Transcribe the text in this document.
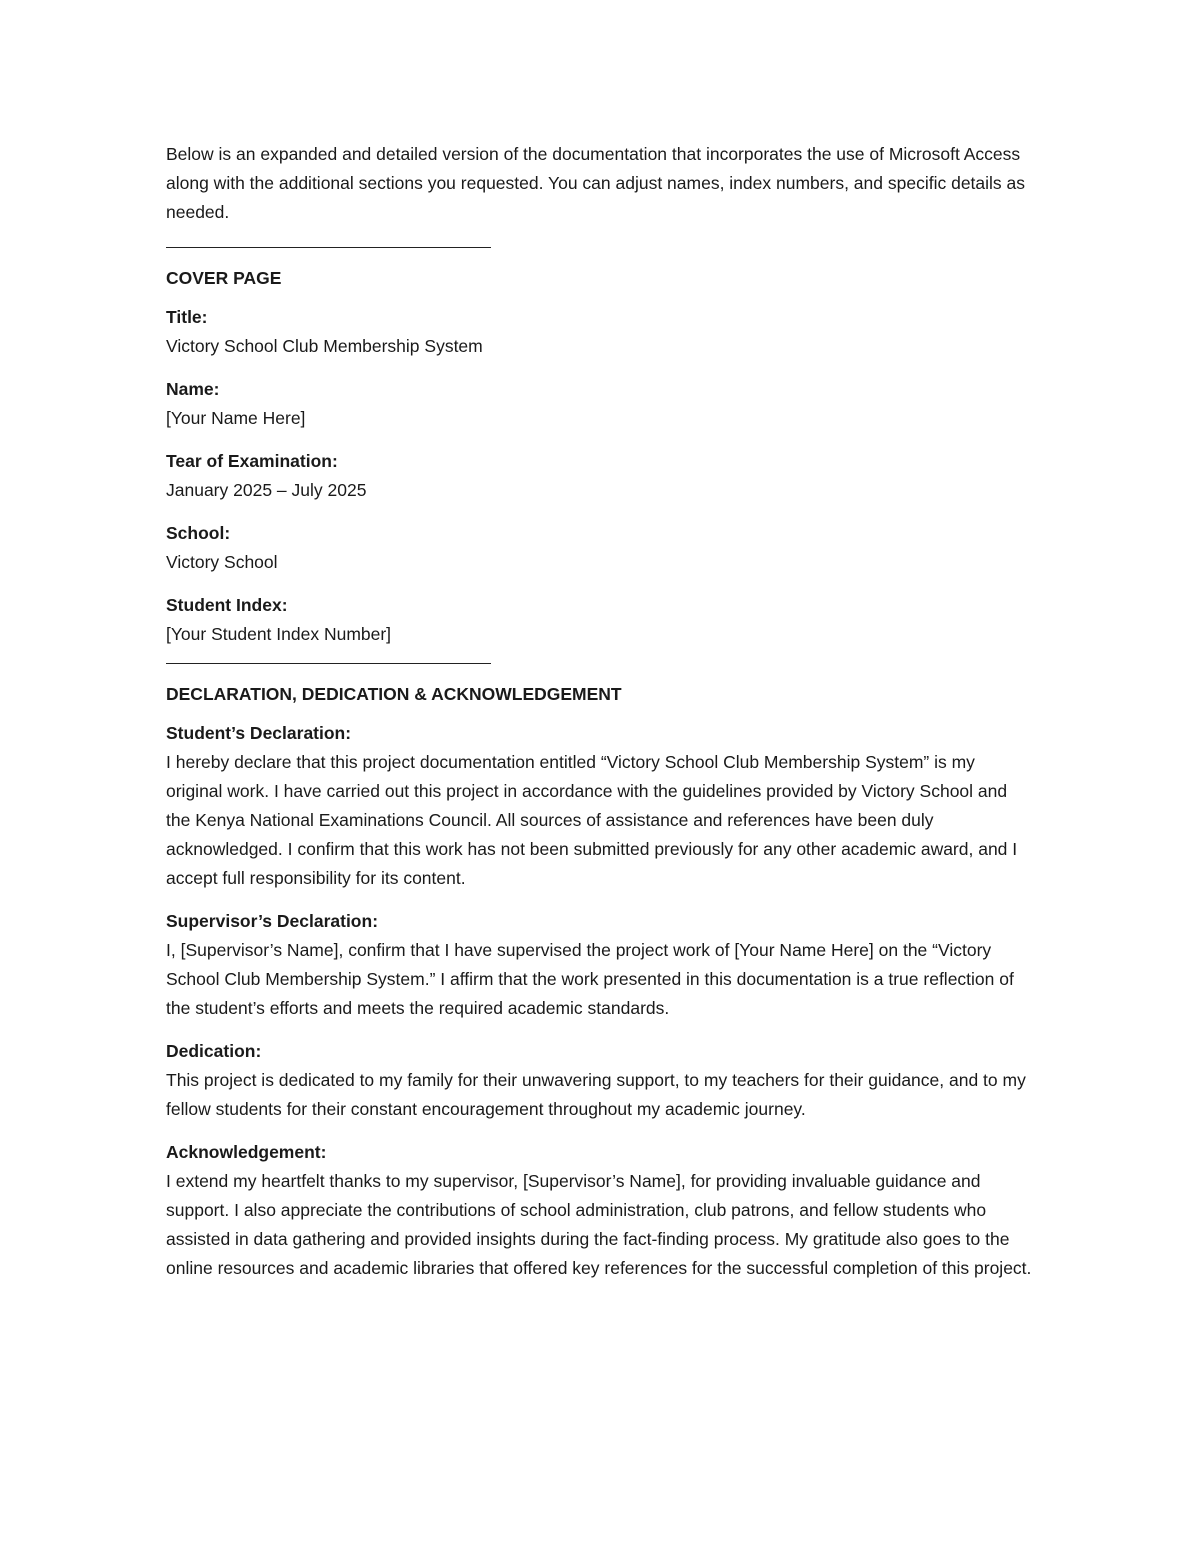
Below is an expanded and detailed version of the documentation that incorporates the use of Microsoft Access along with the additional sections you requested. You can adjust names, index numbers, and specific details as needed.

COVER PAGE

Title:

Victory School Club Membership System

Name:

[Your Name Here]

Tear of Examination:

January 2025 – July 2025

School:

Victory School

Student Index:

[Your Student Index Number]

DECLARATION, DEDICATION & ACKNOWLEDGEMENT

Student’s Declaration:

I hereby declare that this project documentation entitled “Victory School Club Membership System” is my original work. I have carried out this project in accordance with the guidelines provided by Victory School and the Kenya National Examinations Council. All sources of assistance and references have been duly acknowledged. I confirm that this work has not been submitted previously for any other academic award, and I accept full responsibility for its content.

Supervisor’s Declaration:

I, [Supervisor’s Name], confirm that I have supervised the project work of [Your Name Here] on the “Victory School Club Membership System.” I affirm that the work presented in this documentation is a true reflection of the student’s efforts and meets the required academic standards.

Dedication:

This project is dedicated to my family for their unwavering support, to my teachers for their guidance, and to my fellow students for their constant encouragement throughout my academic journey.

Acknowledgement:

I extend my heartfelt thanks to my supervisor, [Supervisor’s Name], for providing invaluable guidance and support. I also appreciate the contributions of school administration, club patrons, and fellow students who assisted in data gathering and provided insights during the fact-finding process. My gratitude also goes to the online resources and academic libraries that offered key references for the successful completion of this project.
